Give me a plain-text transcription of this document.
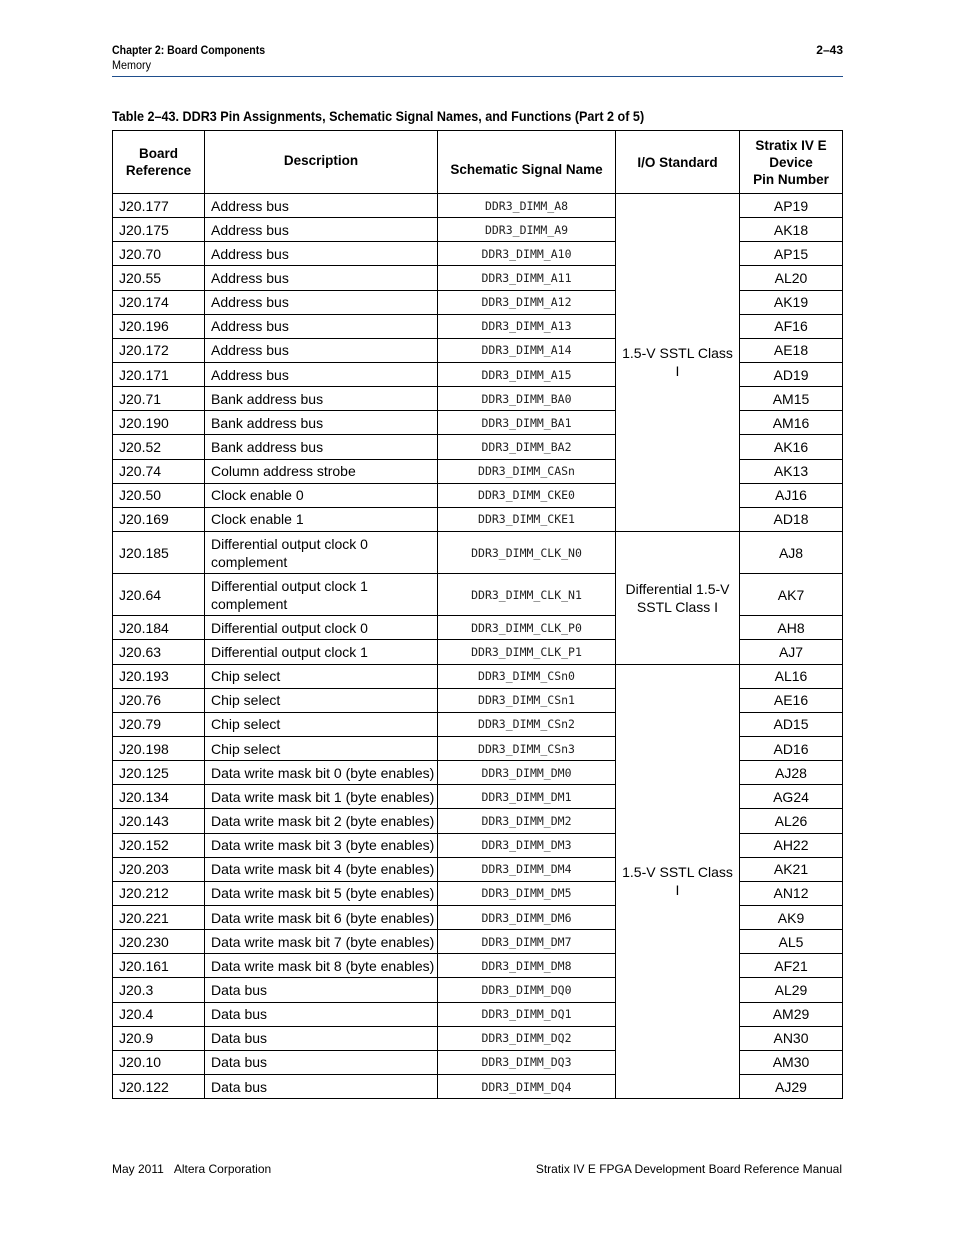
Chapter 2: Board Components
Memory
2–43
Table 2–43. DDR3 Pin Assignments, Schematic Signal Names, and Functions (Part 2 of 5)
Board
Reference	Description	Schematic Signal Name	I/O Standard	Stratix IV E
Device
Pin Number
J20.177	Address bus	DDR3_DIMM_A8	1.5-V SSTL Class I	AP19
J20.175	Address bus	DDR3_DIMM_A9		AK18
J20.70	Address bus	DDR3_DIMM_A10		AP15
J20.55	Address bus	DDR3_DIMM_A11		AL20
J20.174	Address bus	DDR3_DIMM_A12		AK19
J20.196	Address bus	DDR3_DIMM_A13		AF16
J20.172	Address bus	DDR3_DIMM_A14		AE18
J20.171	Address bus	DDR3_DIMM_A15		AD19
J20.71	Bank address bus	DDR3_DIMM_BA0		AM15
J20.190	Bank address bus	DDR3_DIMM_BA1		AM16
J20.52	Bank address bus	DDR3_DIMM_BA2		AK16
J20.74	Column address strobe	DDR3_DIMM_CASn		AK13
J20.50	Clock enable 0	DDR3_DIMM_CKE0		AJ16
J20.169	Clock enable 1	DDR3_DIMM_CKE1		AD18
J20.185	Differential output clock 0 complement	DDR3_DIMM_CLK_N0	Differential 1.5-V SSTL Class I	AJ8
J20.64	Differential output clock 1 complement	DDR3_DIMM_CLK_N1		AK7
J20.184	Differential output clock 0	DDR3_DIMM_CLK_P0		AH8
J20.63	Differential output clock 1	DDR3_DIMM_CLK_P1		AJ7
J20.193	Chip select	DDR3_DIMM_CSn0	1.5-V SSTL Class I	AL16
J20.76	Chip select	DDR3_DIMM_CSn1		AE16
J20.79	Chip select	DDR3_DIMM_CSn2		AD15
J20.198	Chip select	DDR3_DIMM_CSn3		AD16
J20.125	Data write mask bit 0 (byte enables)	DDR3_DIMM_DM0		AJ28
J20.134	Data write mask bit 1 (byte enables)	DDR3_DIMM_DM1		AG24
J20.143	Data write mask bit 2 (byte enables)	DDR3_DIMM_DM2		AL26
J20.152	Data write mask bit 3 (byte enables)	DDR3_DIMM_DM3		AH22
J20.203	Data write mask bit 4 (byte enables)	DDR3_DIMM_DM4		AK21
J20.212	Data write mask bit 5 (byte enables)	DDR3_DIMM_DM5		AN12
J20.221	Data write mask bit 6 (byte enables)	DDR3_DIMM_DM6		AK9
J20.230	Data write mask bit 7 (byte enables)	DDR3_DIMM_DM7		AL5
J20.161	Data write mask bit 8 (byte enables)	DDR3_DIMM_DM8		AF21
J20.3	Data bus	DDR3_DIMM_DQ0		AL29
J20.4	Data bus	DDR3_DIMM_DQ1		AM29
J20.9	Data bus	DDR3_DIMM_DQ2		AN30
J20.10	Data bus	DDR3_DIMM_DQ3		AM30
J20.122	Data bus	DDR3_DIMM_DQ4		AJ29
May 2011 Altera Corporation	Stratix IV E FPGA Development Board Reference Manual
